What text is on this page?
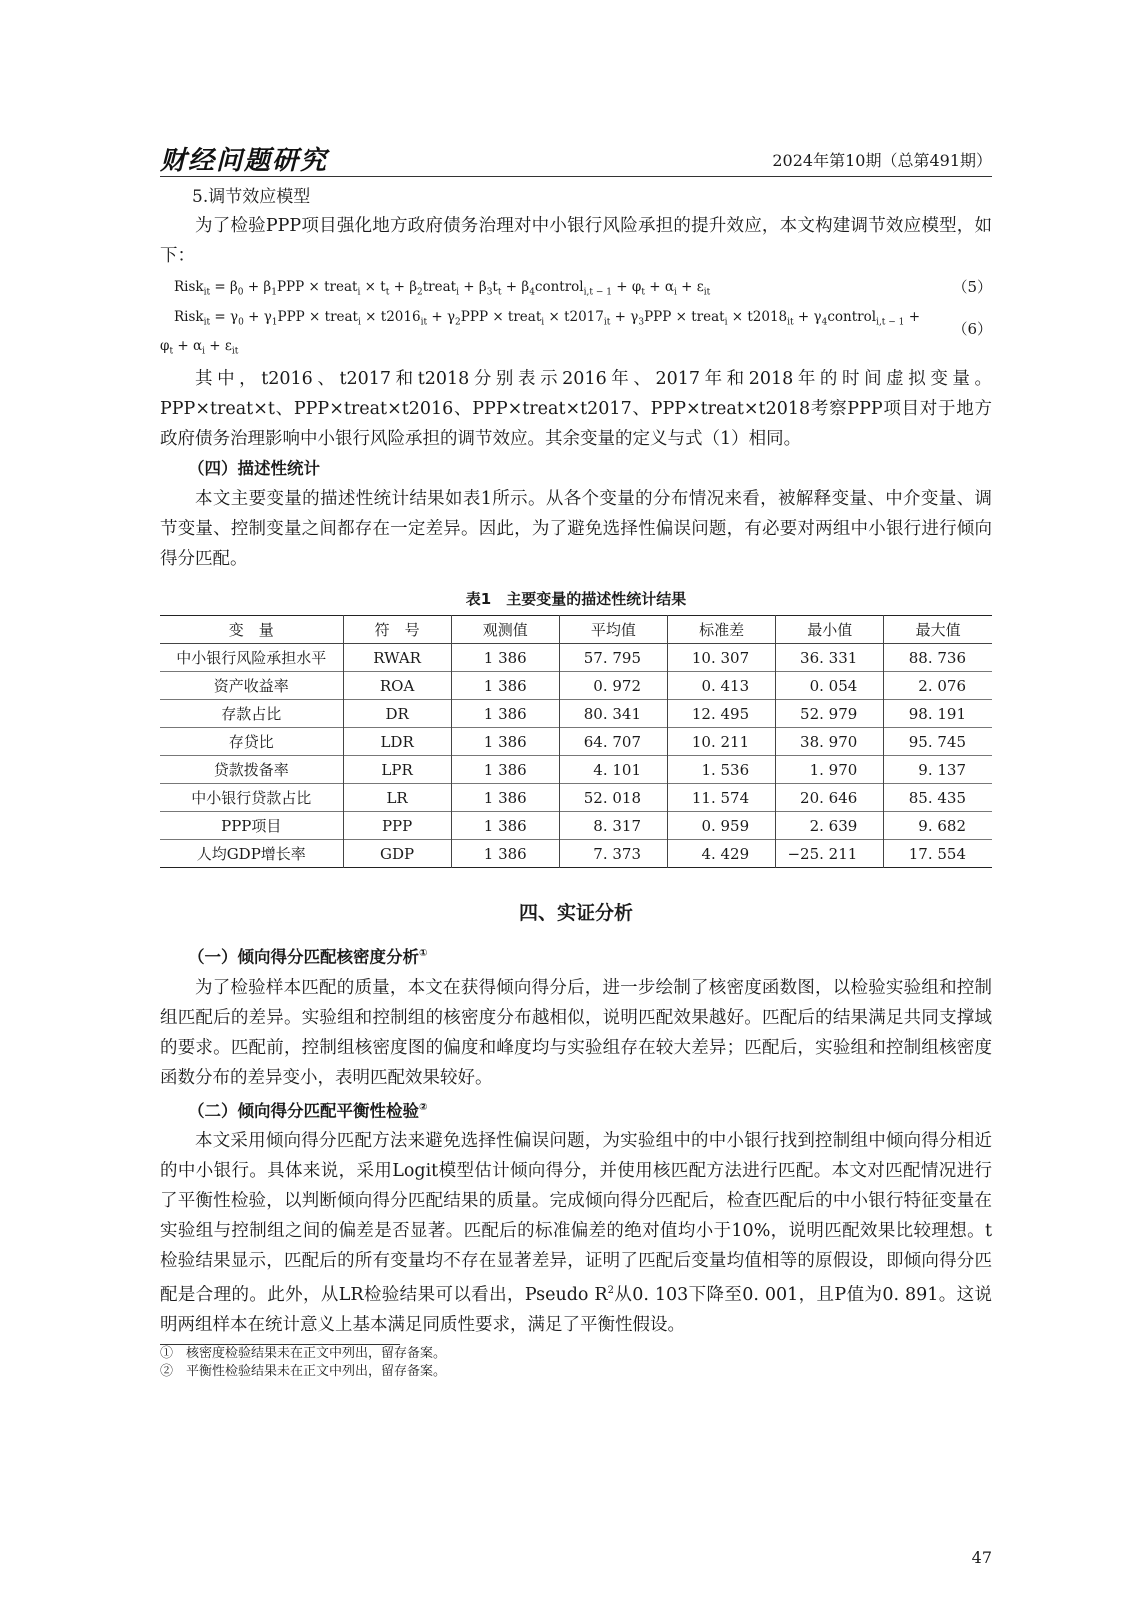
财经问题研究	2024年第10期（总第491期）

5.调节效应模型

为了检验PPP项目强化地方政府债务治理对中小银行风险承担的提升效应，本文构建调节效应模型，如下：

Risk$_{it}$ = $\beta_0 + \beta_1PPP$ × treat$_i$ × $t_t$ + $\beta_2treat_i + \beta_3t_t$ + $\beta_4control_{i,t - 1} + \varphi_t + \alpha_i + \varepsilon_{it}$	（5）
Risk$_{it}$ = $\gamma_0 + \gamma_1PPP$ × treat$_i$ × $t2016_{it} + \gamma_2PPP$ × treat$_i$ × $t2017_{it} + \gamma_3PPP$ × treat$_i$ × $t2018_{it}$ + $\gamma_4control_{i,t - 1}$ +
（6）
$\varphi_t + \alpha_i + \varepsilon_{it}$

其中，t2016、t2017和t2018分别表示2016年、2017年和2018年的时间虚拟变量。PPP×treat×t、PPP×treat×t2016、PPP×treat×t2017、PPP×treat×t2018考察PPP项目对于地方政府债务治理影响中小银行风险承担的调节效应。其余变量的定义与式（1）相同。

（四）描述性统计

本文主要变量的描述性统计结果如表1所示。从各个变量的分布情况来看，被解释变量、中介变量、调节变量、控制变量之间都存在一定差异。因此，为了避免选择性偏误问题，有必要对两组中小银行进行倾向得分匹配。

表1　主要变量的描述性统计结果
变　量	符　号	观测值	平均值	标准差	最小值	最大值
中小银行风险承担水平	RWAR	1 386	57. 795	10. 307	36. 331	88. 736
资产收益率	ROA	1 386	0. 972	0. 413	0. 054	2. 076
存款占比	DR	1 386	80. 341	12. 495	52. 979	98. 191
存贷比	LDR	1 386	64. 707	10. 211	38. 970	95. 745
贷款拨备率	LPR	1 386	4. 101	1. 536	1. 970	9. 137
中小银行贷款占比	LR	1 386	52. 018	11. 574	20. 646	85. 435
PPP项目	PPP	1 386	8. 317	0. 959	2. 639	9. 682
人均GDP增长率	GDP	1 386	7. 373	4. 429	−25. 211	17. 554
四、实证分析

（一）倾向得分匹配核密度分析①

为了检验样本匹配的质量，本文在获得倾向得分后，进一步绘制了核密度函数图，以检验实验组和控制组匹配后的差异。实验组和控制组的核密度分布越相似，说明匹配效果越好。匹配后的结果满足共同支撑域的要求。匹配前，控制组核密度图的偏度和峰度均与实验组存在较大差异；匹配后，实验组和控制组核密度函数分布的差异变小，表明匹配效果较好。

（二）倾向得分匹配平衡性检验②

本文采用倾向得分匹配方法来避免选择性偏误问题，为实验组中的中小银行找到控制组中倾向得分相近的中小银行。具体来说，采用Logit模型估计倾向得分，并使用核匹配方法进行匹配。本文对匹配情况进行了平衡性检验，以判断倾向得分匹配结果的质量。完成倾向得分匹配后，检查匹配后的中小银行特征变量在实验组与控制组之间的偏差是否显著。匹配后的标准偏差的绝对值均小于10%，说明匹配效果比较理想。t检验结果显示，匹配后的所有变量均不存在显著差异，证明了匹配后变量均值相等的原假设，即倾向得分匹配是合理的。此外，从LR检验结果可以看出，Pseudo $R^2$从0. 103下降至0. 001，且P值为0. 891。这说明两组样本在统计意义上基本满足同质性要求，满足了平衡性假设。

①　核密度检验结果未在正文中列出，留存备案。
②　平衡性检验结果未在正文中列出，留存备案。
47
